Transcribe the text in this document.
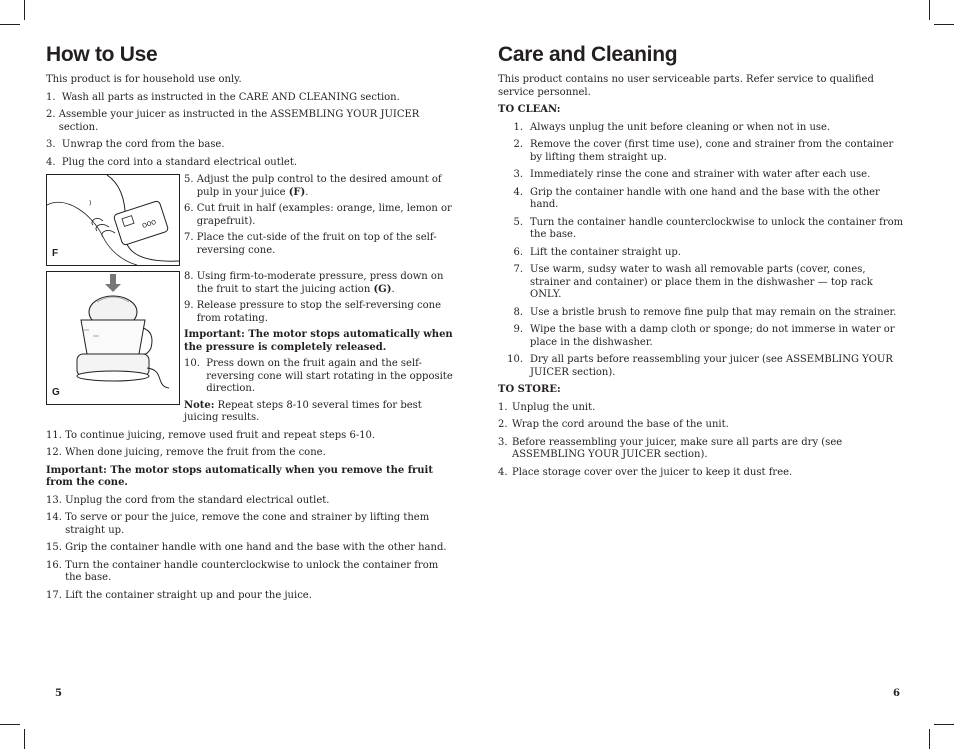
How to Use

This product is for household use only.

1.
Wash all parts as instructed in the CARE AND CLEANING section.
2.
Assemble your juicer as instructed in the ASSEMBLING YOUR JUICER section.
3.
Unwrap the cord from the base.
4.
Plug the cord into a standard electrical outlet.
OOO
)
F
5.
Adjust the pulp control to the desired amount of pulp in your juice (F).
6.
Cut fruit in half (examples: orange, lime, lemon or grapefruit).
7.
Place the cut-side of the fruit on top of the self-reversing cone.
G
8.
Using firm-to-moderate pressure, press down on the fruit to start the juicing action (G).
9.
Release pressure to stop the self-reversing cone from rotating.
Important: The motor stops automatically when the pressure is completely released.
10.
Press down on the fruit again and the self-reversing cone will start rotating in the opposite direction.
Note: Repeat steps 8-10 several times for best juicing results.
11.
To continue juicing, remove used fruit and repeat steps 6-10.
12.
When done juicing, remove the fruit from the cone.

Important: The motor stops automatically when you remove the fruit from the cone.

13.
Unplug the cord from the standard electrical outlet.
14.
To serve or pour the juice, remove the cone and strainer by lifting them straight up.
15.
Grip the container handle with one hand and the base with the other hand.
16.
Turn the container handle counterclockwise to unlock the container from the base.
17.
Lift the container straight up and pour the juice.
5
Care and Cleaning

This product contains no user serviceable parts. Refer service to qualified service personnel.

TO CLEAN:

1. Always unplug the unit before cleaning or when not in use.
2. Remove the cover (first time use), cone and strainer from the container by lifting them straight up.
3. Immediately rinse the cone and strainer with water after each use.
4. Grip the container handle with one hand and the base with the other hand.
5. Turn the container handle counterclockwise to unlock the container from the base.
6. Lift the container straight up.
7. Use warm, sudsy water to wash all removable parts (cover, cones, strainer and container) or place them in the dishwasher — top rack ONLY.
8. Use a bristle brush to remove fine pulp that may remain on the strainer.
9. Wipe the base with a damp cloth or sponge; do not immerse in water or place in the dishwasher.
10. Dry all parts before reassembling your juicer (see ASSEMBLING YOUR JUICER section).

TO STORE:

1. Unplug the unit.
2. Wrap the cord around the base of the unit.
3. Before reassembling your juicer, make sure all parts are dry (see ASSEMBLING YOUR JUICER section).
4. Place storage cover over the juicer to keep it dust free.
6
